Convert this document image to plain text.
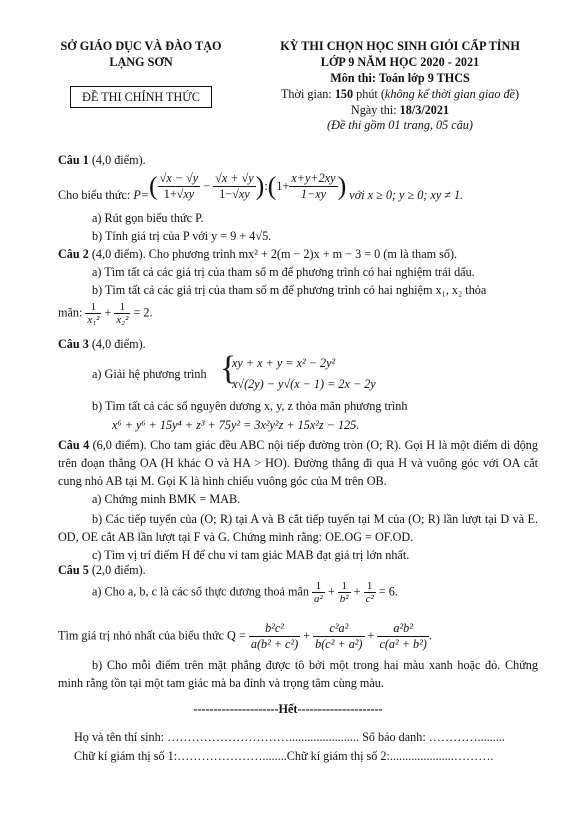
SỞ GIÁO DỤC VÀ ĐÀO TẠO
LẠNG SƠN
ĐỀ THI CHÍNH THỨC
KỲ THI CHỌN HỌC SINH GIỎI CẤP TỈNH
LỚP 9 NĂM HỌC 2020 - 2021
Môn thi: Toán lớp 9 THCS
Thời gian: 150 phút (không kể thời gian giao đề)
Ngày thi: 18/3/2021
(Đề thi gồm 01 trang, 05 câu)
Câu 1 (4,0 điểm).
Cho biểu thức: $P=( \frac{√x - √y}{1+√xy} - \frac{√x + √y}{1-√xy}$ ):(1+ $\frac{x+y+2xy}{1-xy}$ ) với x ≥ 0; y ≥ 0; xy ≠ 1.
a) Rút gọn biểu thức P.
b) Tính giá trị của P với y = 9 + 4√5.
Câu 2 (4,0 điểm). Cho phương trình mx² + 2(m − 2)x + m − 3 = 0 (m là tham số).
a) Tìm tất cả các giá trị của tham số m để phương trình có hai nghiệm trái dấu.
b) Tìm tất cả các giá trị của tham số m để phương trình có hai nghiệm x₁, x₂ thỏa
mãn: $\frac{1}{\text{x₁²}} + \frac{1}{\text{x₂²}} = 2$.
Câu 3 (4,0 điểm).
a) Giải hệ phương trình {
xy + x + y = x² − 2y²
x√(2y) − y√(x − 1) = 2x − 2y
b) Tìm tất cả các số nguyên dương x, y, z thỏa mãn phương trình
x⁶ + y⁶ + 15y⁴ + z³ + 75y² = 3x²y²z + 15x²z − 125.
Câu 4 (6,0 điểm). Cho tam giác đều ABC nội tiếp đường tròn (O; R). Gọi H là một điểm di động trên đoạn thẳng OA (H khác O và HA > HO). Đường thẳng đi qua H và vuông góc với OA cắt cung nhỏ AB tại M. Gọi K là hình chiếu vuông góc của M trên OB.
a) Chứng minh BMK = MAB.
b) Các tiếp tuyến của (O; R) tại A và B cắt tiếp tuyến tại M của (O; R) lần lượt tại D và E. OD, OE cắt AB lần lượt tại F và G. Chứng minh rằng: OE.OG = OF.OD.
c) Tìm vị trí điểm H để chu vi tam giác MAB đạt giá trị lớn nhất.
Câu 5 (2,0 điểm).
a) Cho a, b, c là các số thực dương thoả mãn $\frac{1}{\text{a²}} + \frac{1}{\text{b²}} + \frac{1}{\text{c²}} = 6$.
Tìm giá trị nhỏ nhất của biểu thức $Q = \frac{\text{b²c²}}{\text{a(b² + c²)}} + \frac{\text{c²a²}}{\text{b(c² + a²)}} + \frac{\text{a²b²}}{\text{c(a² + b²)}}$ .
b) Cho mỗi điểm trên mặt phẳng được tô bởi một trong hai màu xanh hoặc đỏ. Chứng minh rằng tồn tại một tam giác mà ba đỉnh và trọng tâm cùng màu.
---------------------Hết---------------------
Họ và tên thí sinh: …………………………....................... Số báo danh: ………….........
Chữ kí giám thị số 1:…………………........Chữ kí giám thị số 2:.....................……….
